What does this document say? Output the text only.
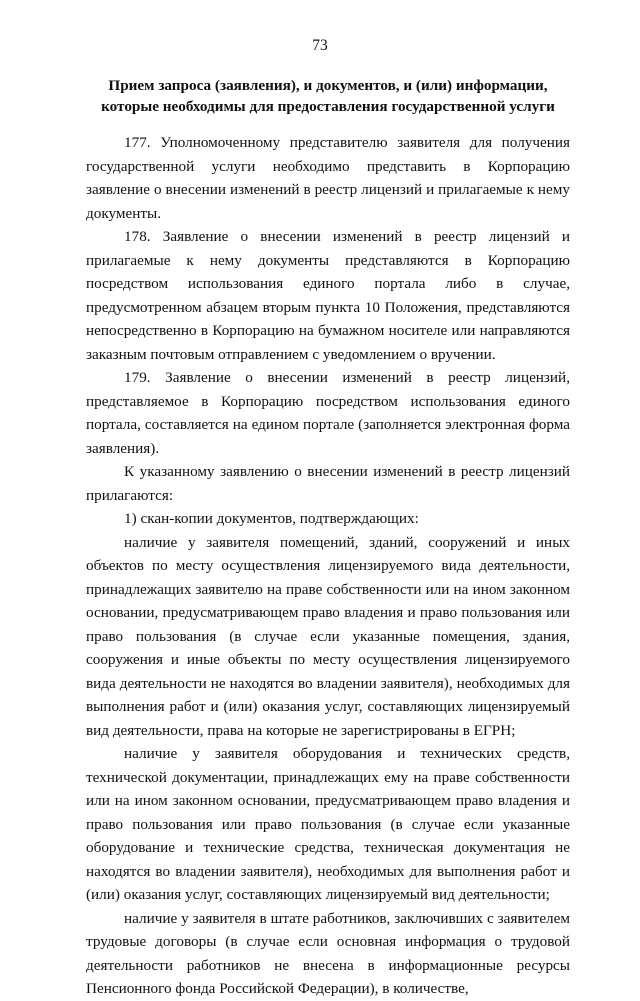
73
Прием запроса (заявления), и документов, и (или) информации,
которые необходимы для предоставления государственной услуги

177. Уполномоченному представителю заявителя для получения государственной услуги необходимо представить в Корпорацию заявление о внесении изменений в реестр лицензий и прилагаемые к нему документы.

178. Заявление о внесении изменений в реестр лицензий и прилагаемые к нему документы представляются в Корпорацию посредством использования единого портала либо в случае, предусмотренном абзацем вторым пункта 10 Положения, представляются непосредственно в Корпорацию на бумажном носителе или направляются заказным почтовым отправлением с уведомлением о вручении.

179. Заявление о внесении изменений в реестр лицензий, представляемое в Корпорацию посредством использования единого портала, составляется на едином портале (заполняется электронная форма заявления).

К указанному заявлению о внесении изменений в реестр лицензий прилагаются:

1) скан-копии документов, подтверждающих:

наличие у заявителя помещений, зданий, сооружений и иных объектов по месту осуществления лицензируемого вида деятельности, принадлежащих заявителю на праве собственности или на ином законном основании, предусматривающем право владения и право пользования или право пользования (в случае если указанные помещения, здания, сооружения и иные объекты по месту осуществления лицензируемого вида деятельности не находятся во владении заявителя), необходимых для выполнения работ и (или) оказания услуг, составляющих лицензируемый вид деятельности, права на которые не зарегистрированы в ЕГРН;

наличие у заявителя оборудования и технических средств, технической документации, принадлежащих ему на праве собственности или на ином законном основании, предусматривающем право владения и право пользования или право пользования (в случае если указанные оборудование и технические средства, техническая документация не находятся во владении заявителя), необходимых для выполнения работ и (или) оказания услуг, составляющих лицензируемый вид деятельности;

наличие у заявителя в штате работников, заключивших с заявителем трудовые договоры (в случае если основная информация о трудовой деятельности работников не внесена в информационные ресурсы Пенсионного фонда Российской Федерации), в количестве,
